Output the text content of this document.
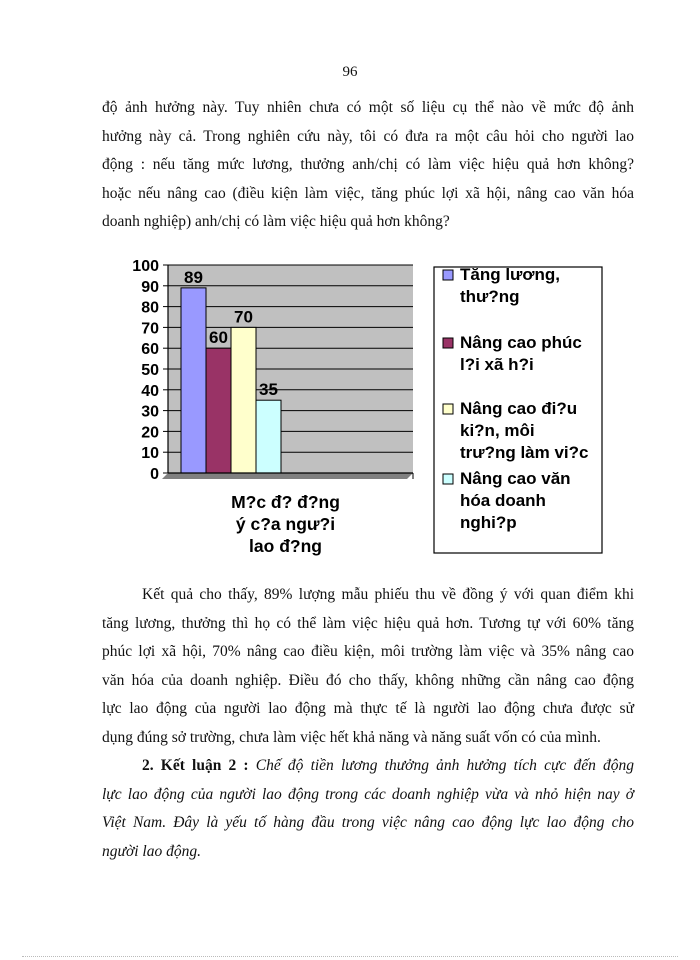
96
độ ảnh hưởng này. Tuy nhiên chưa có một số liệu cụ thể nào về mức độ ảnh
hưởng này cả. Trong nghiên cứu này, tôi có đưa ra một câu hỏi cho người lao
động : nếu tăng mức lương, thưởng anh/chị có làm việc hiệu quả hơn không?
hoặc nếu nâng cao (điều kiện làm việc, tăng phúc lợi xã hội, nâng cao văn hóa
doanh nghiệp) anh/chị có làm việc hiệu quả hơn không?
0
10
20
30
40
50
60
70
80
90
100
89
60
70
35
M?c đ? đ?ng
ý c?a ngư?i
lao đ?ng
Tăng lương,
thư?ng
Nâng cao phúc
l?i xã h?i
Nâng cao đi?u
ki?n, môi
trư?ng làm vi?c
Nâng cao văn
hóa doanh
nghi?p
Kết quả cho thấy, 89% lượng mẫu phiếu thu về đồng ý với quan điểm khi
tăng lương, thưởng thì họ có thể làm việc hiệu quả hơn. Tương tự với 60% tăng
phúc lợi xã hội, 70% nâng cao điều kiện, môi trường làm việc và 35% nâng cao
văn hóa của doanh nghiệp. Điều đó cho thấy, không những cần nâng cao động
lực lao động của người lao động mà thực tế là người lao động chưa được sử
dụng đúng sở trường, chưa làm việc hết khả năng và năng suất vốn có của mình.
2. Kết luận 2 : Chế độ tiền lương thưởng ảnh hưởng tích cực đến động
lực lao động của người lao động trong các doanh nghiệp vừa và nhỏ hiện nay ở
Việt Nam. Đây là yếu tố hàng đầu trong việc nâng cao động lực lao động cho
người lao động.
